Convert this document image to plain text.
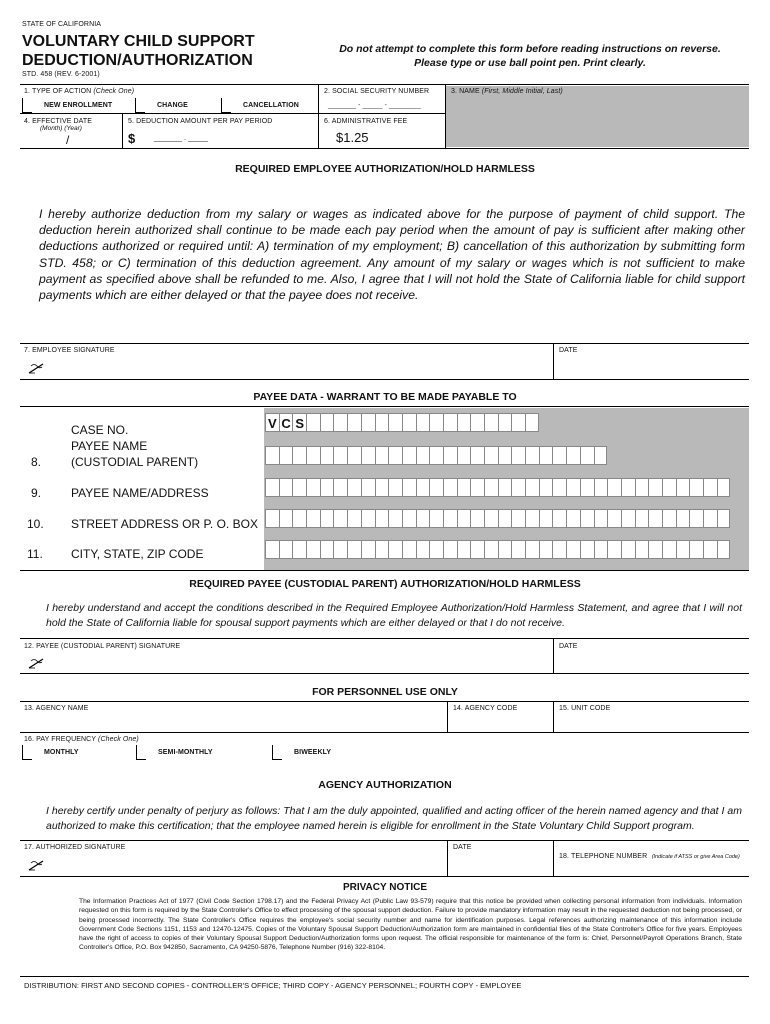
STATE OF CALIFORNIA
VOLUNTARY CHILD SUPPORT
DEDUCTION/AUTHORIZATION
STD. 458 (REV. 6-2001)
Do not attempt to complete this form before reading instructions on reverse.
Please type or use ball point pen. Print clearly.
1. TYPE OF ACTION (Check One)
NEW ENROLLMENT	CHANGE	CANCELLATION
2. SOCIAL SECURITY NUMBER
_______ - _____ - ________
3. NAME (First, Middle Initial, Last)
4. EFFECTIVE DATE
(Month) (Year)
/
5. DEDUCTION AMOUNT PER PAY PERIOD
$	_______ . _____
6. ADMINISTRATIVE FEE
$1.25
REQUIRED EMPLOYEE AUTHORIZATION/HOLD HARMLESS
I hereby authorize deduction from my salary or wages as indicated above for the purpose of payment of child support. The deduction herein authorized shall continue to be made each pay period when the amount of pay is sufficient after making other deductions authorized or required until: A) termination of my employment; B) cancellation of this authorization by submitting form STD. 458; or C) termination of this deduction agreement. Any amount of my salary or wages which is not sufficient to make payment as specified above shall be refunded to me. Also, I agree that I will not hold the State of California liable for child support payments which are either delayed or that the payee does not receive.
7. EMPLOYEE SIGNATURE	DATE
PAYEE DATA - WARRANT TO BE MADE PAYABLE TO
CASE NO.	V C S
8.
PAYEE NAME
(CUSTODIAL PARENT)
9. PAYEE NAME/ADDRESS
10. STREET ADDRESS OR P. O. BOX
11. CITY, STATE, ZIP CODE
REQUIRED PAYEE (CUSTODIAL PARENT) AUTHORIZATION/HOLD HARMLESS
I hereby understand and accept the conditions described in the Required Employee Authorization/Hold Harmless Statement, and agree that I will not hold the State of California liable for spousal support payments which are either delayed or that I do not receive.
12. PAYEE (CUSTODIAL PARENT) SIGNATURE	DATE
FOR PERSONNEL USE ONLY
13. AGENCY NAME	14. AGENCY CODE	15. UNIT CODE
16. PAY FREQUENCY (Check One)
MONTHLY	SEMI-MONTHLY	BIWEEKLY
AGENCY AUTHORIZATION
I hereby certify under penalty of perjury as follows: That I am the duly appointed, qualified and acting officer of the herein named agency and that I am authorized to make this certification; that the employee named herein is eligible for enrollment in the State Voluntary Child Support program.
17. AUTHORIZED SIGNATURE	DATE
18. TELEPHONE NUMBER (Indicate if ATSS or give Area Code)
PRIVACY NOTICE
The Information Practices Act of 1977 (Civil Code Section 1798.17) and the Federal Privacy Act (Public Law 93-579) require that this notice be provided when collecting personal information from individuals. Information requested on this form is required by the State Controller's Office to effect processing of the spousal support deduction. Failure to provide mandatory information may result in the requested deduction not being processed, or being processed incorrectly. The State Controller's Office requires the employee's social security number and name for identification purposes. Legal references authorizing maintenance of this information include Government Code Sections 1151, 1153 and 12470-12475. Copies of the Voluntary Spousal Support Deduction/Authorization form are maintained in confidential files of the State Controller's Office for five years. Employees have the right of access to copies of their Voluntary Spousal Support Deduction/Authorization forms upon request. The official responsible for maintenance of the form is: Chief, Personnel/Payroll Operations Branch, State Controller's Office, P.O. Box 942850, Sacramento, CA 94250-5876, Telephone Number (916) 322-8104.
DISTRIBUTION: FIRST AND SECOND COPIES - CONTROLLER'S OFFICE; THIRD COPY - AGENCY PERSONNEL; FOURTH COPY - EMPLOYEE
